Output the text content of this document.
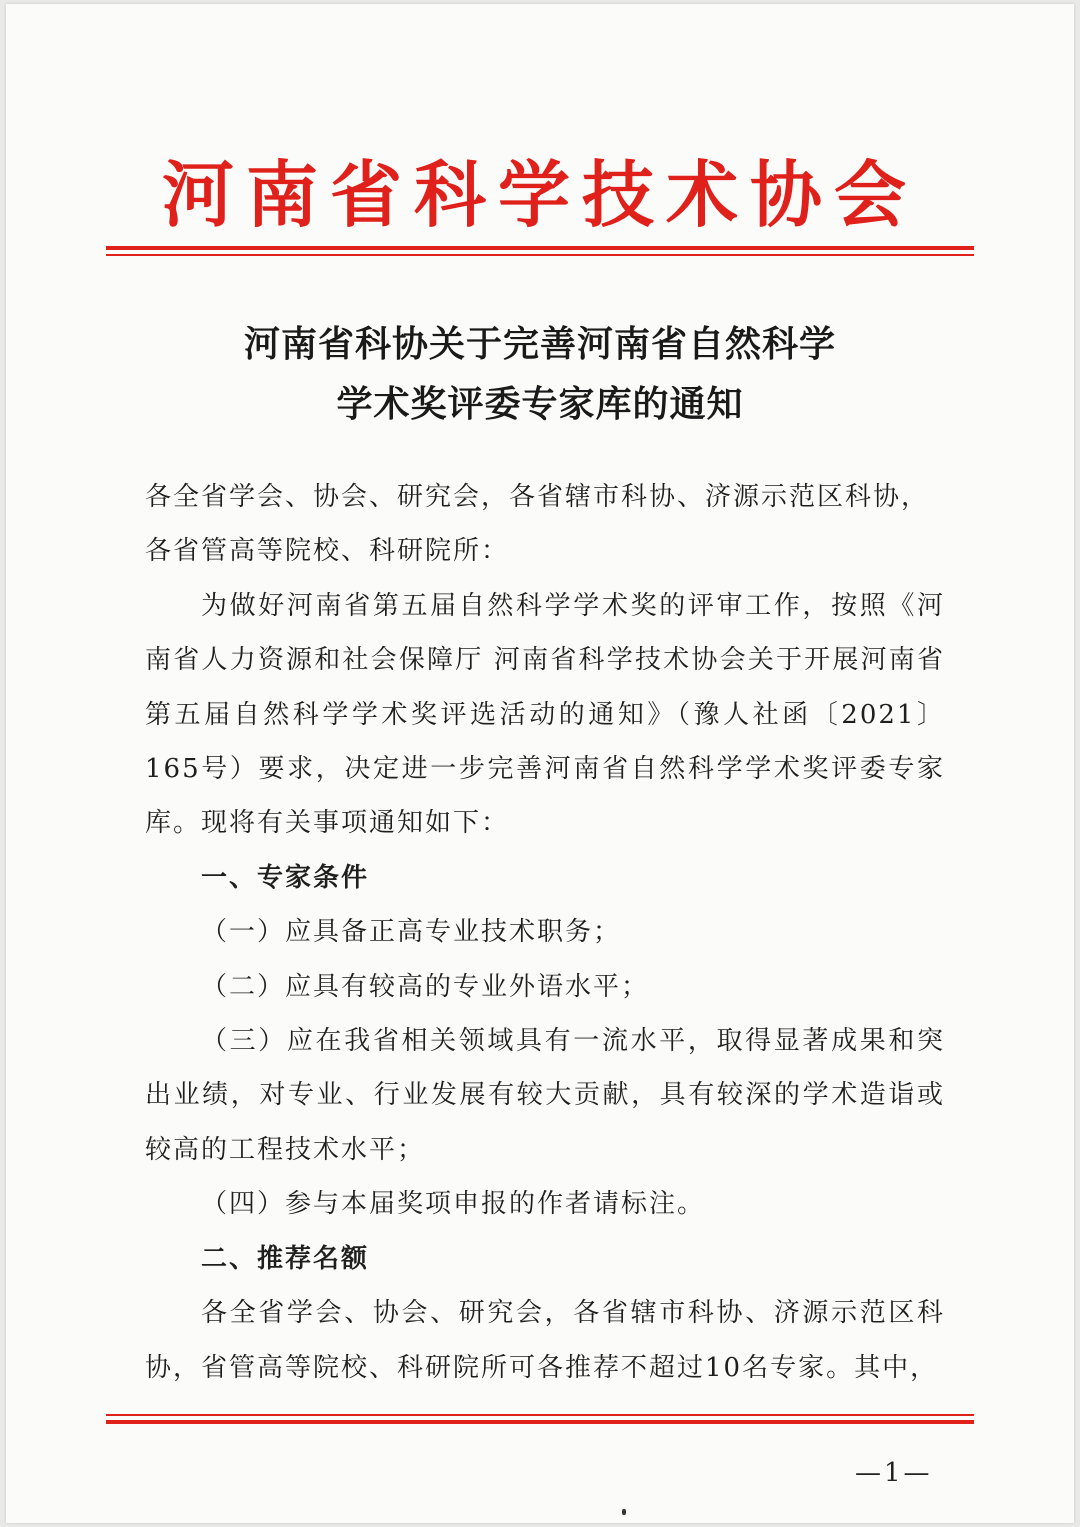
河南省科学技术协会
河南省科协关于完善河南省自然科学
学术奖评委专家库的通知

各全省学会、协会、研究会，各省辖市科协、济源示范区科协，

各省管高等院校、科研院所：

为做好河南省第五届自然科学学术奖的评审工作，按照《河南省人力资源和社会保障厅 河南省科学技术协会关于开展河南省第五届自然科学学术奖评选活动的通知》（豫人社函〔2021〕165号）要求，决定进一步完善河南省自然科学学术奖评委专家库。现将有关事项通知如下：

一、专家条件

（一）应具备正高专业技术职务；

（二）应具有较高的专业外语水平；

（三）应在我省相关领域具有一流水平，取得显著成果和突出业绩，对专业、行业发展有较大贡献，具有较深的学术造诣或较高的工程技术水平；

（四）参与本届奖项申报的作者请标注。

二、推荐名额

各全省学会、协会、研究会，各省辖市科协、济源示范区科协，省管高等院校、科研院所可各推荐不超过10名专家。其中，

—1—
